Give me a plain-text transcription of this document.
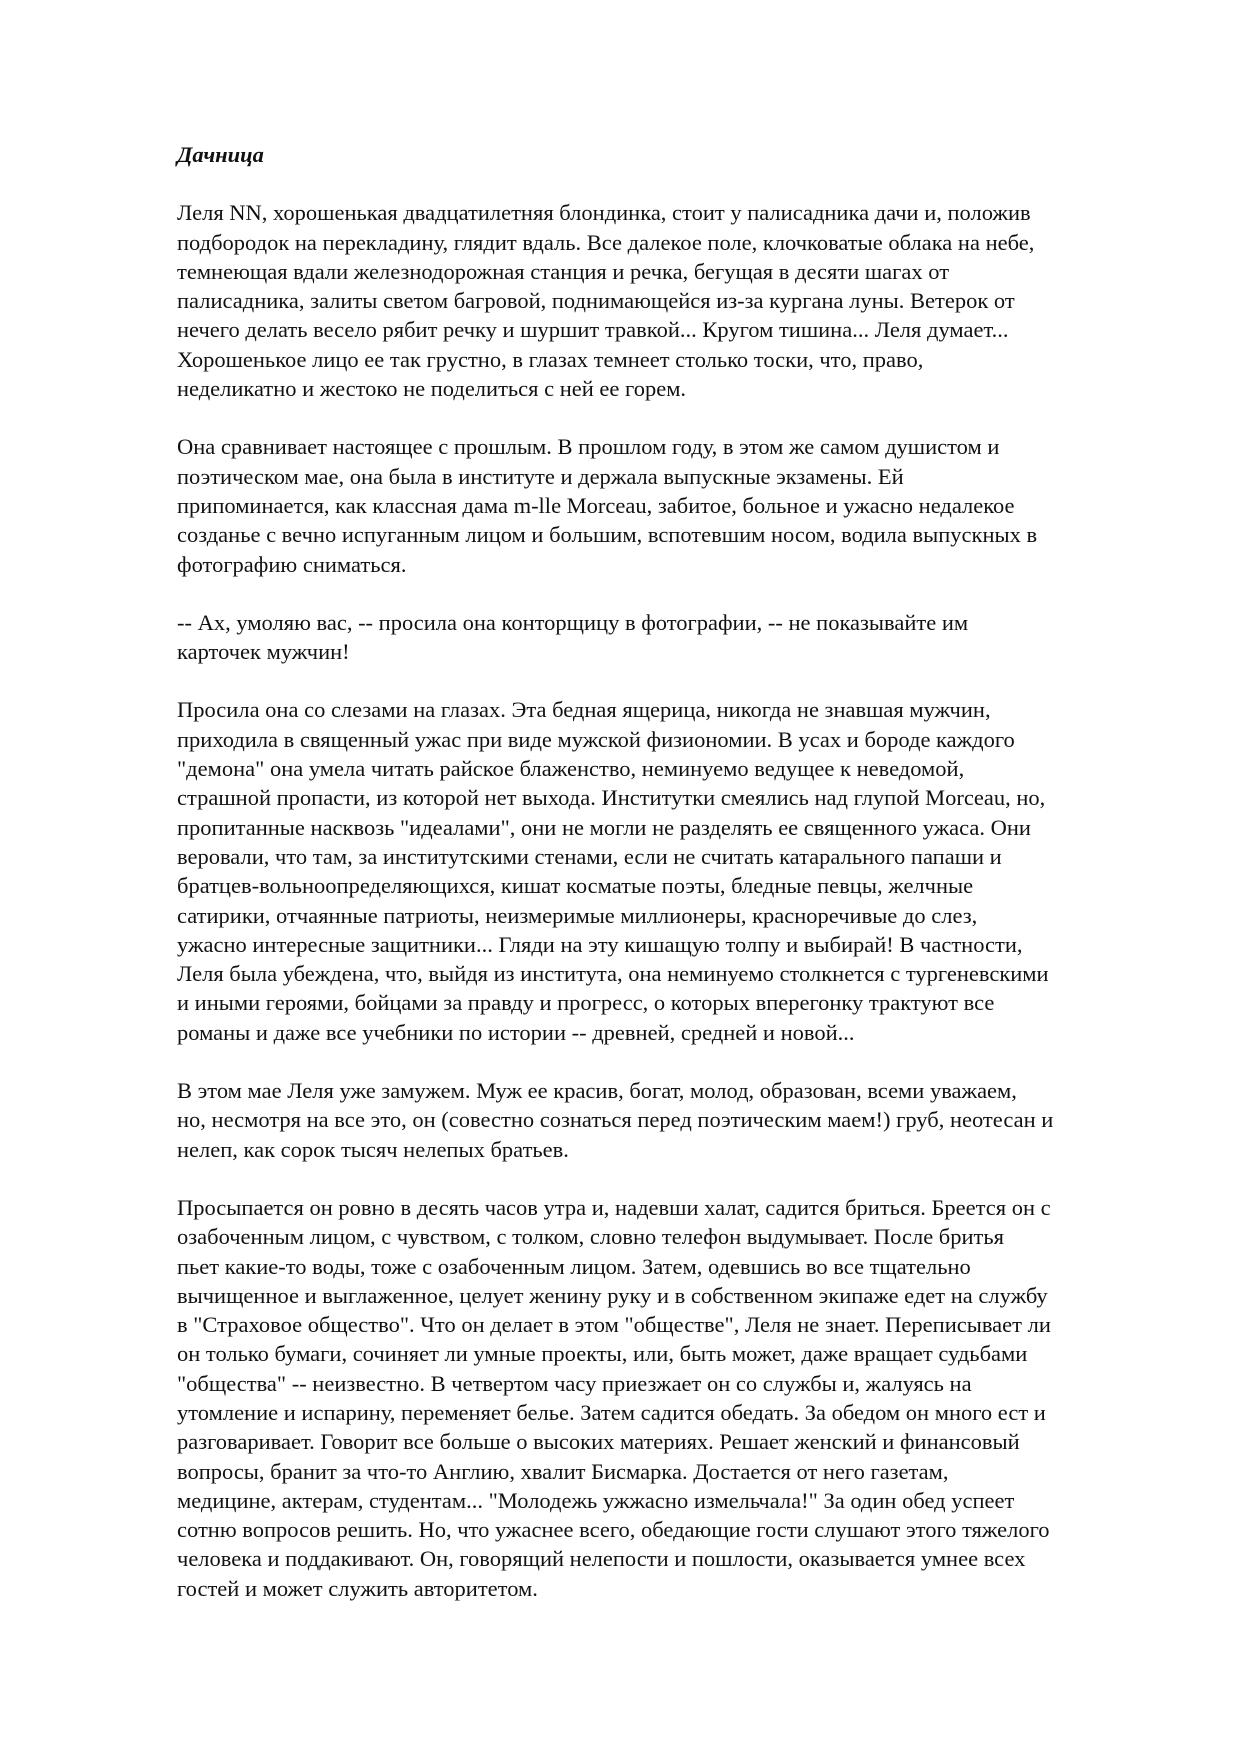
Дачница
Леля NN, хорошенькая двадцатилетняя блондинка, стоит у палисадника дачи и, положив
подбородок на перекладину, глядит вдаль. Все далекое поле, клочковатые облака на небе,
темнеющая вдали железнодорожная станция и речка, бегущая в десяти шагах от
палисадника, залиты светом багровой, поднимающейся из-за кургана луны. Ветерок от
нечего делать весело рябит речку и шуршит травкой... Кругом тишина... Леля думает...
Хорошенькое лицо ее так грустно, в глазах темнеет столько тоски, что, право,
неделикатно и жестоко не поделиться с ней ее горем.
Она сравнивает настоящее с прошлым. В прошлом году, в этом же самом душистом и
поэтическом мае, она была в институте и держала выпускные экзамены. Ей
припоминается, как классная дама m-lle Morceau, забитое, больное и ужасно недалекое
созданье с вечно испуганным лицом и большим, вспотевшим носом, водила выпускных в
фотографию сниматься.
-- Ах, умоляю вас, -- просила она конторщицу в фотографии, -- не показывайте им
карточек мужчин!
Просила она со слезами на глазах. Эта бедная ящерица, никогда не знавшая мужчин,
приходила в священный ужас при виде мужской физиономии. В усах и бороде каждого
"демона" она умела читать райское блаженство, неминуемо ведущее к неведомой,
страшной пропасти, из которой нет выхода. Институтки смеялись над глупой Morceau, но,
пропитанные насквозь "идеалами", они не могли не разделять ее священного ужаса. Они
веровали, что там, за институтскими стенами, если не считать катарального папаши и
братцев-вольноопределяющихся, кишат косматые поэты, бледные певцы, желчные
сатирики, отчаянные патриоты, неизмеримые миллионеры, красноречивые до слез,
ужасно интересные защитники... Гляди на эту кишащую толпу и выбирай! В частности,
Леля была убеждена, что, выйдя из института, она неминуемо столкнется с тургеневскими
и иными героями, бойцами за правду и прогресс, о которых вперегонку трактуют все
романы и даже все учебники по истории -- древней, средней и новой...
В этом мае Леля уже замужем. Муж ее красив, богат, молод, образован, всеми уважаем,
но, несмотря на все это, он (совестно сознаться перед поэтическим маем!) груб, неотесан и
нелеп, как сорок тысяч нелепых братьев.
Просыпается он ровно в десять часов утра и, надевши халат, садится бриться. Бреется он с
озабоченным лицом, с чувством, с толком, словно телефон выдумывает. После бритья
пьет какие-то воды, тоже с озабоченным лицом. Затем, одевшись во все тщательно
вычищенное и выглаженное, целует женину руку и в собственном экипаже едет на службу
в "Страховое общество". Что он делает в этом "обществе", Леля не знает. Переписывает ли
он только бумаги, сочиняет ли умные проекты, или, быть может, даже вращает судьбами
"общества" -- неизвестно. В четвертом часу приезжает он со службы и, жалуясь на
утомление и испарину, переменяет белье. Затем садится обедать. За обедом он много ест и
разговаривает. Говорит все больше о высоких материях. Решает женский и финансовый
вопросы, бранит за что-то Англию, хвалит Бисмарка. Достается от него газетам,
медицине, актерам, студентам... "Молодежь ужжасно измельчала!" За один обед успеет
сотню вопросов решить. Но, что ужаснее всего, обедающие гости слушают этого тяжелого
человека и поддакивают. Он, говорящий нелепости и пошлости, оказывается умнее всех
гостей и может служить авторитетом.
